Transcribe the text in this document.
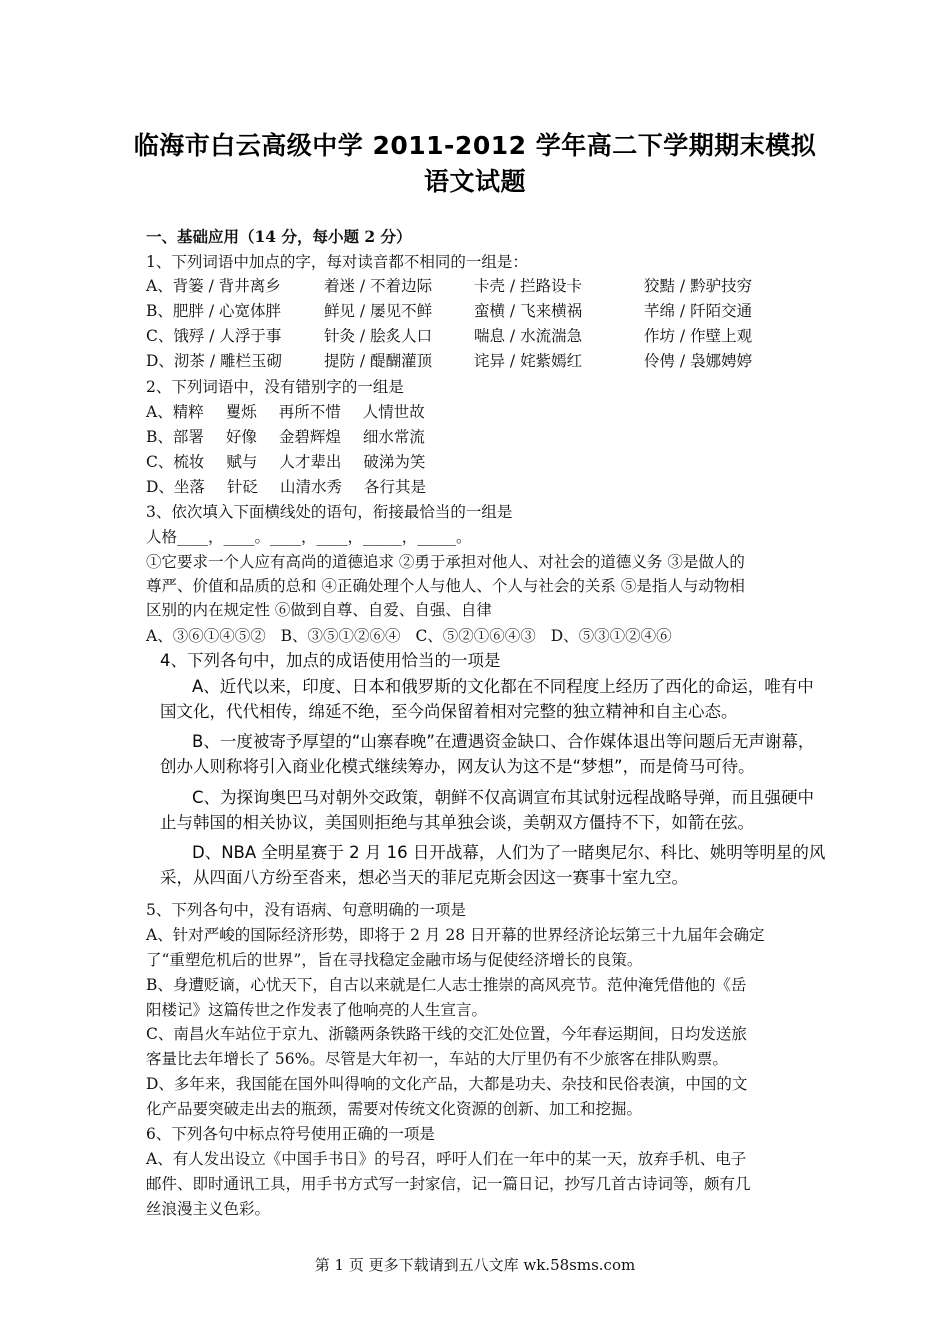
临海市白云高级中学 2011-2012 学年高二下学期期末模拟
语文试题
一、基础应用（14 分，每小题 2 分）
1、下列词语中加点的字，每对读音都不相同的一组是：
A、背篓 / 背井离乡	着迷 / 不着边际	卡壳 / 拦路设卡	狡黠 / 黔驴技穷
B、肥胖 / 心宽体胖	鲜见 / 屡见不鲜	蛮横 / 飞来横祸	芊绵 / 阡陌交通
C、饿殍 / 人浮于事	针灸 / 脍炙人口	喘息 / 水流湍急	作坊 / 作壁上观
D、沏茶 / 雕栏玉砌	提防 / 醍醐灌顶	诧异 / 姹紫嫣红	伶俜 / 袅娜娉婷
2、下列词语中，没有错别字的一组是
A、精粹 矍烁 再所不惜 人情世故
B、部署 好像 金碧辉煌 细水常流
C、梳妆 赋与 人才辈出 破涕为笑
D、坐落 针砭 山清水秀 各行其是
3、依次填入下面横线处的语句，衔接最恰当的一组是
人格____，____。____，____，_____，_____。
①它要求一个人应有高尚的道德追求 ②勇于承担对他人、对社会的道德义务 ③是做人的
尊严、价值和品质的总和 ④正确处理个人与他人、个人与社会的关系 ⑤是指人与动物相
区别的内在规定性 ⑥做到自尊、自爱、自强、自律
A、③⑥①④⑤② B、③⑤①②⑥④ C、⑤②①⑥④③ D、⑤③①②④⑥
4、下列各句中，加点的成语使用恰当的一项是
A、近代以来，印度、日本和俄罗斯的文化都在不同程度上经历了西化的命运，唯有中
国文化，代代相传，绵延不绝，至今尚保留着相对完整的独立精神和自主心态。
B、一度被寄予厚望的“山寨春晚”在遭遇资金缺口、合作媒体退出等问题后无声谢幕，
创办人则称将引入商业化模式继续筹办，网友认为这不是“梦想”，而是倚马可待。
C、为探询奥巴马对朝外交政策，朝鲜不仅高调宣布其试射远程战略导弹，而且强硬中
止与韩国的相关协议，美国则拒绝与其单独会谈，美朝双方僵持不下，如箭在弦。
D、NBA 全明星赛于 2 月 16 日开战幕，人们为了一睹奥尼尔、科比、姚明等明星的风
采，从四面八方纷至沓来，想必当天的菲尼克斯会因这一赛事十室九空。
5、下列各句中，没有语病、句意明确的一项是
A、针对严峻的国际经济形势，即将于 2 月 28 日开幕的世界经济论坛第三十九届年会确定
了“重塑危机后的世界”，旨在寻找稳定金融市场与促使经济增长的良策。
B、身遭贬谪，心忧天下，自古以来就是仁人志士推崇的高风亮节。范仲淹凭借他的《岳
阳楼记》这篇传世之作发表了他响亮的人生宣言。
C、南昌火车站位于京九、浙赣两条铁路干线的交汇处位置，今年春运期间，日均发送旅
客量比去年增长了 56%。尽管是大年初一，车站的大厅里仍有不少旅客在排队购票。
D、多年来，我国能在国外叫得响的文化产品，大都是功夫、杂技和民俗表演，中国的文
化产品要突破走出去的瓶颈，需要对传统文化资源的创新、加工和挖掘。
6、下列各句中标点符号使用正确的一项是
A、有人发出设立《中国手书日》的号召，呼吁人们在一年中的某一天，放弃手机、电子
邮件、即时通讯工具，用手书方式写一封家信，记一篇日记，抄写几首古诗词等，颇有几
丝浪漫主义色彩。
第 1 页 更多下载请到五八文库 wk.58sms.com
